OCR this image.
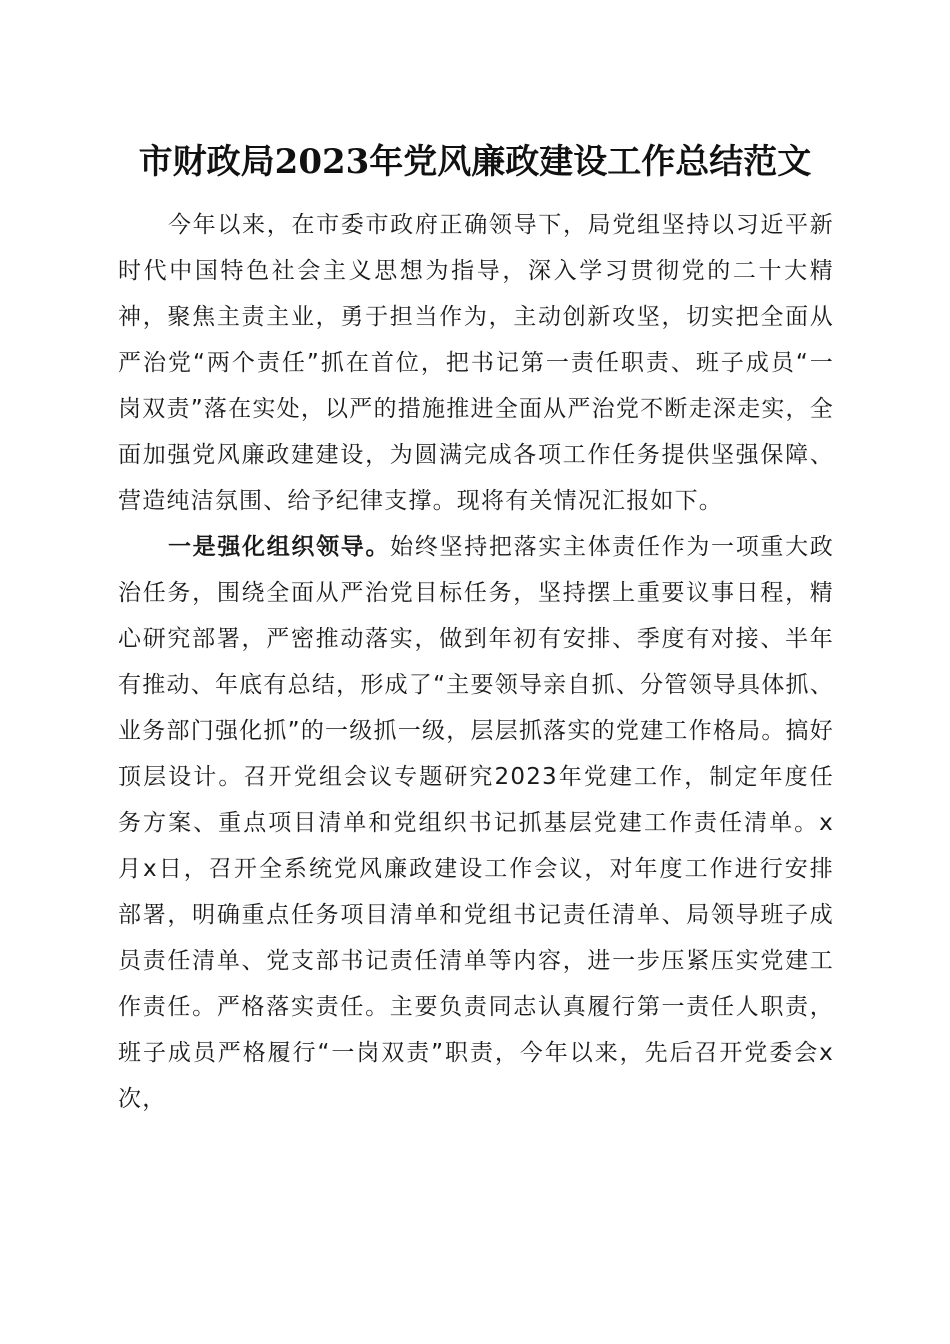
市财政局2023年党风廉政建设工作总结范文

今年以来，在市委市政府正确领导下，局党组坚持以习近平新时代中国特色社会主义思想为指导，深入学习贯彻党的二十大精神，聚焦主责主业，勇于担当作为，主动创新攻坚，切实把全面从严治党“两个责任”抓在首位，把书记第一责任职责、班子成员“一岗双责”落在实处，以严的措施推进全面从严治党不断走深走实，全面加强党风廉政建建设，为圆满完成各项工作任务提供坚强保障、营造纯洁氛围、给予纪律支撑。现将有关情况汇报如下。

一是强化组织领导。始终坚持把落实主体责任作为一项重大政治任务，围绕全面从严治党目标任务，坚持摆上重要议事日程，精心研究部署，严密推动落实，做到年初有安排、季度有对接、半年有推动、年底有总结，形成了“主要领导亲自抓、分管领导具体抓、业务部门强化抓”的一级抓一级，层层抓落实的党建工作格局。搞好顶层设计。召开党组会议专题研究2023年党建工作，制定年度任务方案、重点项目清单和党组织书记抓基层党建工作责任清单。x月x日，召开全系统党风廉政建设工作会议，对年度工作进行安排部署，明确重点任务项目清单和党组书记责任清单、局领导班子成员责任清单、党支部书记责任清单等内容，进一步压紧压实党建工作责任。严格落实责任。主要负责同志认真履行第一责任人职责，班子成员严格履行“一岗双责”职责，今年以来，先后召开党委会x次，
